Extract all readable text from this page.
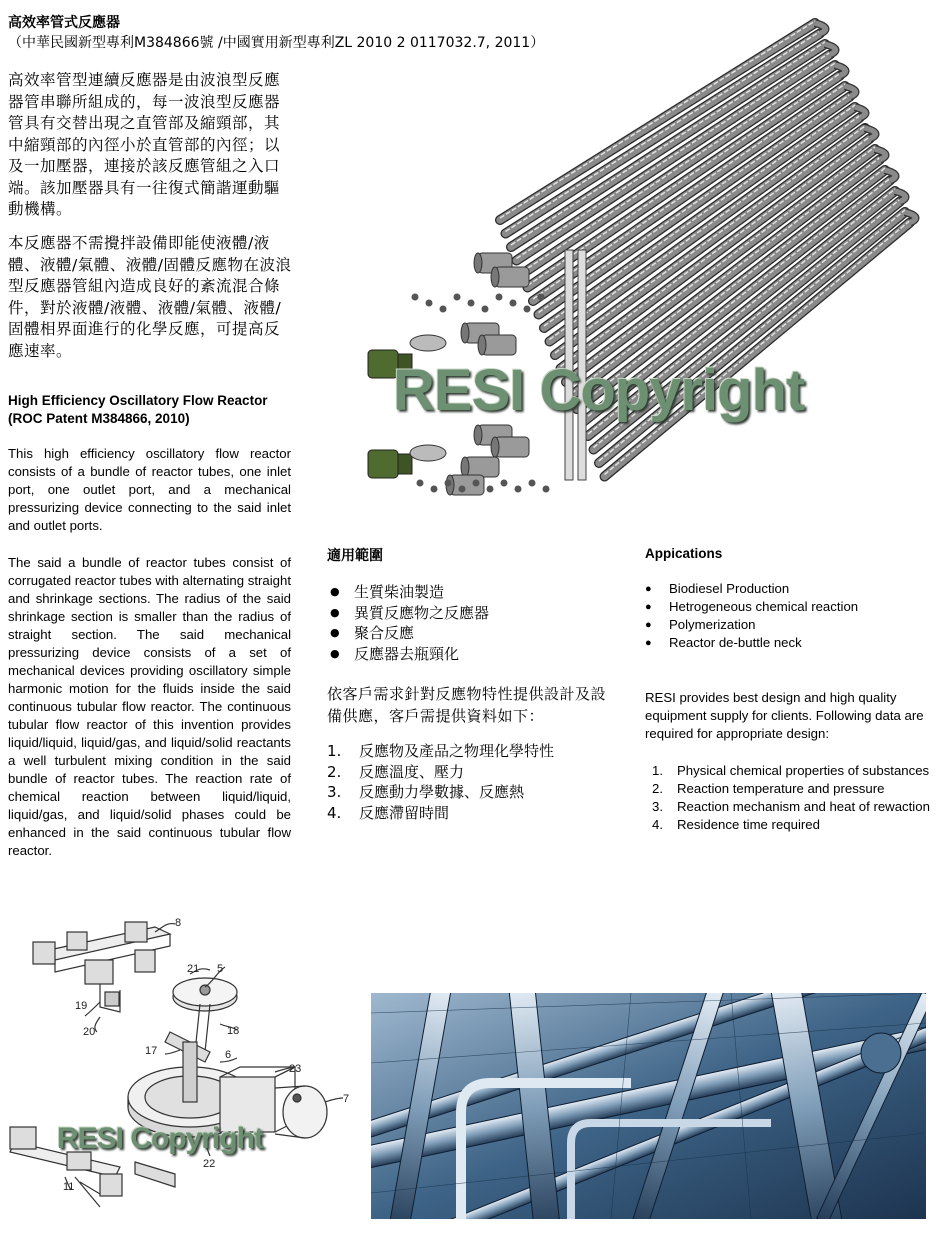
高效率管式反應器
（中華民國新型專利M384866號 /中國實用新型專利ZL 2010 2 0117032.7, 2011）
高效率管型連續反應器是由波浪型反應器管串聯所組成的，每一波浪型反應器管具有交替出現之直管部及縮頸部，其中縮頸部的內徑小於直管部的內徑；以及一加壓器，連接於該反應管組之入口端。該加壓器具有一往復式簡諧運動驅動機構。
本反應器不需攪拌設備即能使液體/液體、液體/氣體、液體/固體反應物在波浪型反應器管組內造成良好的紊流混合條件，對於液體/液體、液體/氣體、液體/固體相界面進行的化學反應，可提高反應速率。
High Efficiency Oscillatory Flow Reactor
(ROC Patent M384866, 2010)
This high efficiency oscillatory flow reactor consists of a bundle of reactor tubes, one inlet port, one outlet port, and a mechanical pressurizing device connecting to the said inlet and outlet ports.
The said a bundle of reactor tubes consist of corrugated reactor tubes with alternating straight and shrinkage sections. The radius of the said shrinkage section is smaller than the radius of straight section. The said mechanical pressurizing device consists of a set of mechanical devices providing oscillatory simple harmonic motion for the fluids inside the said continuous tubular flow reactor. The continuous tubular flow reactor of this invention provides liquid/liquid, liquid/gas, and liquid/solid reactants a well turbulent mixing condition in the said bundle of reactor tubes. The reaction rate of chemical reaction between liquid/liquid, liquid/gas, and liquid/solid phases could be enhanced in the said continuous tubular flow reactor.
RESI Copyright
適用範圍
● 生質柴油製造
● 異質反應物之反應器
● 聚合反應
● 反應器去瓶頸化
依客戶需求針對反應物特性提供設計及設備供應，客戶需提供資料如下：
1. 反應物及產品之物理化學特性
2. 反應溫度、壓力
3. 反應動力學數據、反應熱
4. 反應滯留時間
Appications
● Biodiesel Production
● Hetrogeneous chemical reaction
● Polymerization
● Reactor de-buttle neck
RESI provides best design and high quality equipment supply for clients. Following data are required for appropriate design:
1. Physical chemical properties of substances
2. Reaction temperature and pressure
3. Reaction mechanism and heat of rewaction
4. Residence time required
8
21 5
19
20	18
17	6
23
7
22
11
RESI Copyright
